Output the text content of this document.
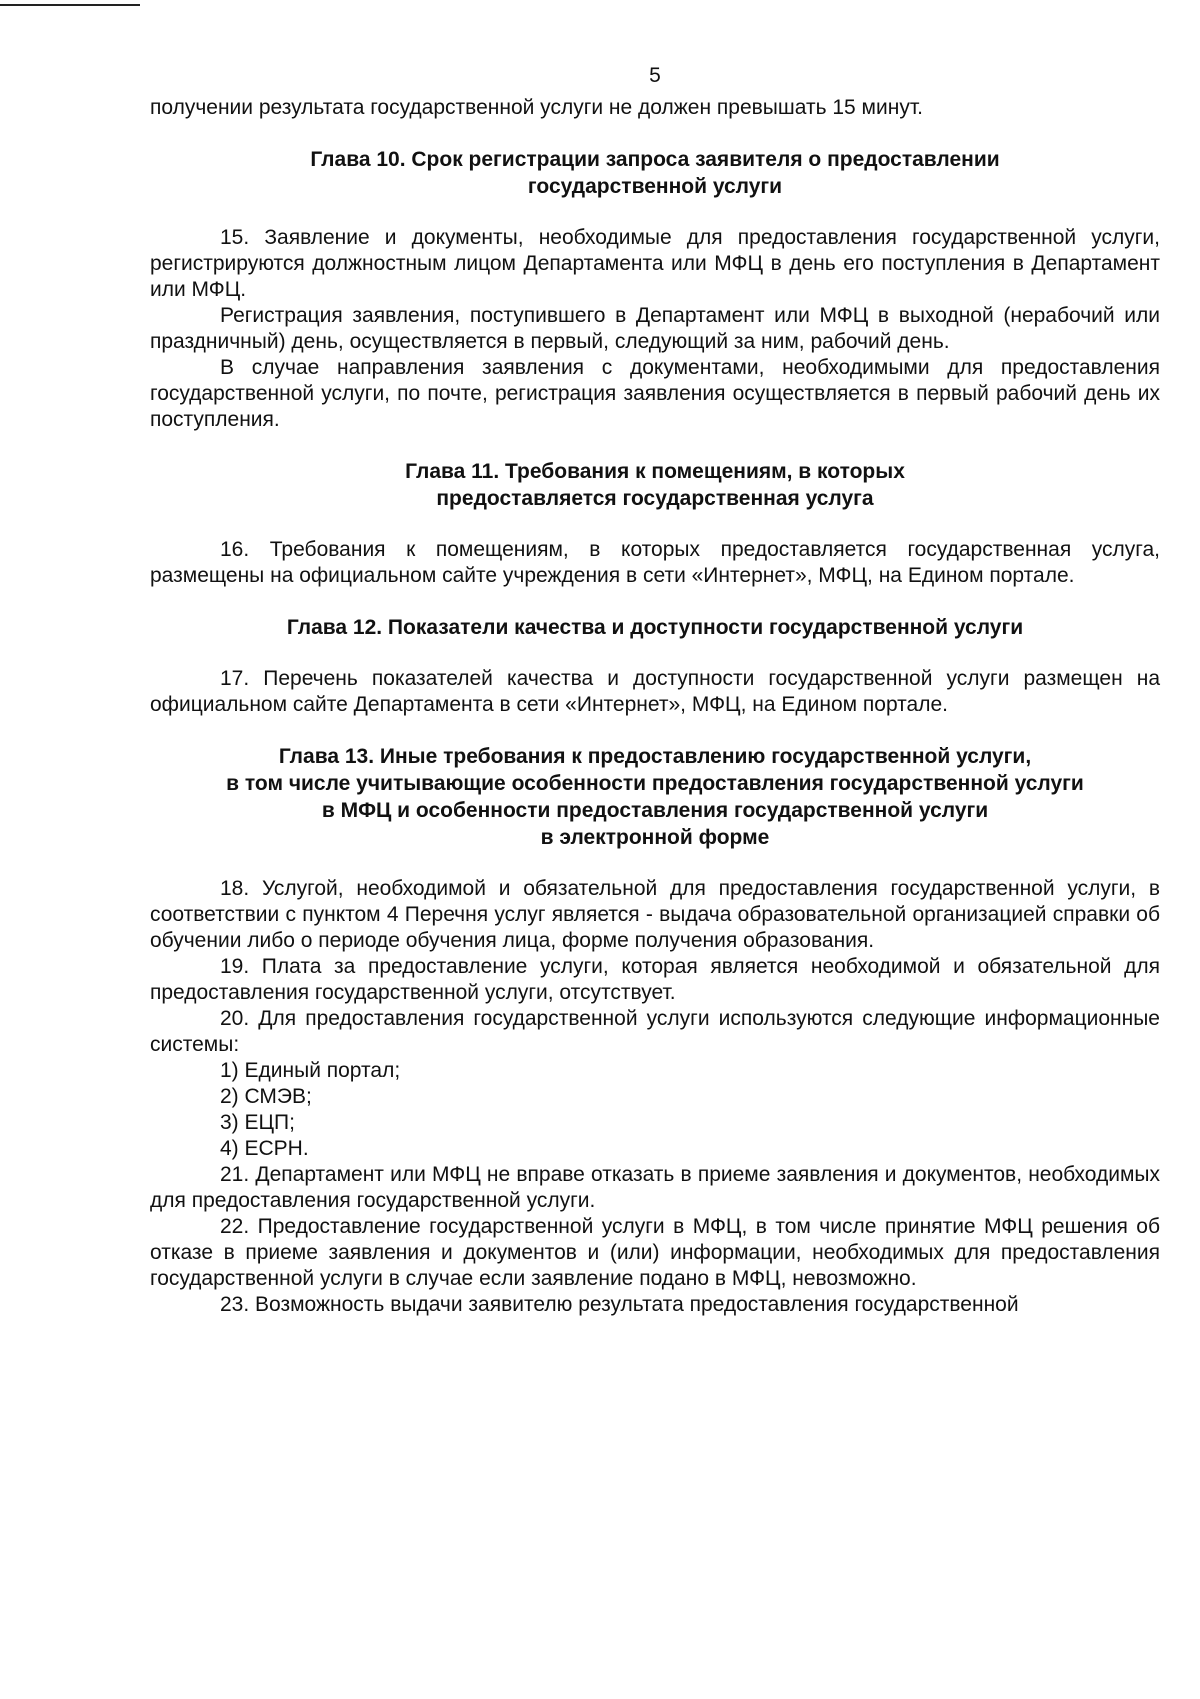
5

получении результата государственной услуги не должен превышать 15 минут.

Глава 10. Срок регистрации запроса заявителя о предоставлении
государственной услуги

15. Заявление и документы, необходимые для предоставления государственной услуги, регистрируются должностным лицом Департамента или МФЦ в день его поступления в Департамент или МФЦ.

Регистрация заявления, поступившего в Департамент или МФЦ в выходной (нерабочий или праздничный) день, осуществляется в первый, следующий за ним, рабочий день.

В случае направления заявления с документами, необходимыми для предоставления государственной услуги, по почте, регистрация заявления осуществляется в первый рабочий день их поступления.

Глава 11. Требования к помещениям, в которых
предоставляется государственная услуга

16. Требования к помещениям, в которых предоставляется государственная услуга, размещены на официальном сайте учреждения в сети «Интернет», МФЦ, на Едином портале.

Глава 12. Показатели качества и доступности государственной услуги

17. Перечень показателей качества и доступности государственной услуги размещен на официальном сайте Департамента в сети «Интернет», МФЦ, на Едином портале.

Глава 13. Иные требования к предоставлению государственной услуги,
в том числе учитывающие особенности предоставления государственной услуги
в МФЦ и особенности предоставления государственной услуги
в электронной форме

18. Услугой, необходимой и обязательной для предоставления государственной услуги, в соответствии с пунктом 4 Перечня услуг является - выдача образовательной организацией справки об обучении либо о периоде обучения лица, форме получения образования.

19. Плата за предоставление услуги, которая является необходимой и обязательной для предоставления государственной услуги, отсутствует.

20. Для предоставления государственной услуги используются следующие информационные системы:

1) Единый портал;

2) СМЭВ;

3) ЕЦП;

4) ЕСРН.

21. Департамент или МФЦ не вправе отказать в приеме заявления и документов, необходимых для предоставления государственной услуги.

22. Предоставление государственной услуги в МФЦ, в том числе принятие МФЦ решения об отказе в приеме заявления и документов и (или) информации, необходимых для предоставления государственной услуги в случае если заявление подано в МФЦ, невозможно.

23. Возможность выдачи заявителю результата предоставления государственной
